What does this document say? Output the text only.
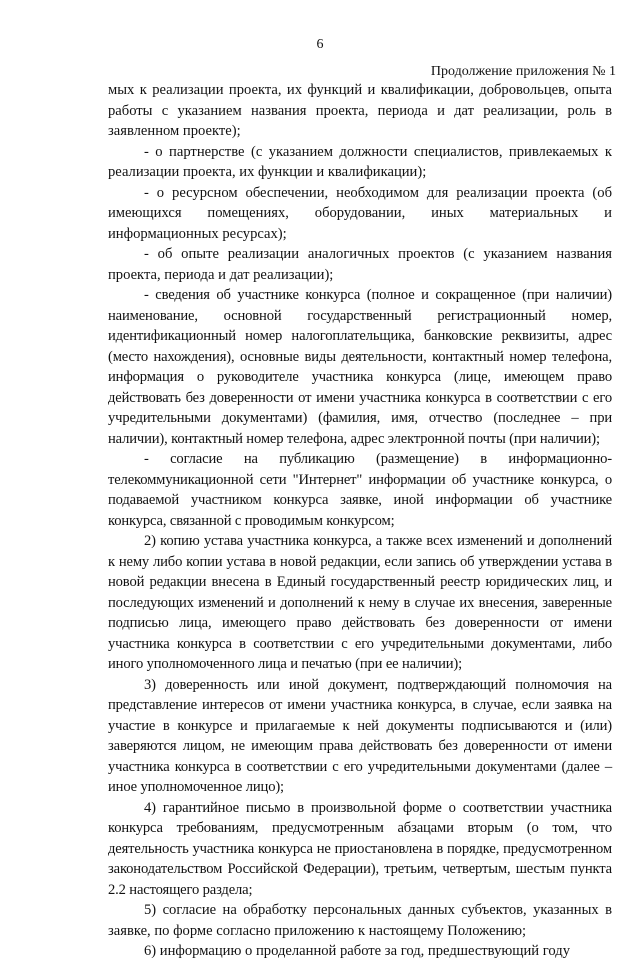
6
Продолжение приложения № 1

мых к реализации проекта, их функций и квалификации, добровольцев, опыта работы с указанием названия проекта, периода и дат реализации, роль в заявленном проекте);

- о партнерстве (с указанием должности специалистов, привлекаемых к реализации проекта, их функции и квалификации);

- о ресурсном обеспечении, необходимом для реализации проекта (об имеющихся помещениях, оборудовании, иных материальных и информационных ресурсах);

- об опыте реализации аналогичных проектов (с указанием названия проекта, периода и дат реализации);

- сведения об участнике конкурса (полное и сокращенное (при наличии) наименование, основной государственный регистрационный номер, идентификационный номер налогоплательщика, банковские реквизиты, адрес (место нахождения), основные виды деятельности, контактный номер телефона, информация о руководителе участника конкурса (лице, имеющем право действовать без доверенности от имени участника конкурса в соответствии с его учредительными документами) (фамилия, имя, отчество (последнее – при наличии), контактный номер телефона, адрес электронной почты (при наличии);

- согласие на публикацию (размещение) в информационно-телекоммуникационной сети "Интернет" информации об участнике конкурса, о подаваемой участником конкурса заявке, иной информации об участнике конкурса, связанной с проводимым конкурсом;

2) копию устава участника конкурса, а также всех изменений и дополнений к нему либо копии устава в новой редакции, если запись об утверждении устава в новой редакции внесена в Единый государственный реестр юридических лиц, и последующих изменений и дополнений к нему в случае их внесения, заверенные подписью лица, имеющего право действовать без доверенности от имени участника конкурса в соответствии с его учредительными документами, либо иного уполномоченного лица и печатью (при ее наличии);

3) доверенность или иной документ, подтверждающий полномочия на представление интересов от имени участника конкурса, в случае, если заявка на участие в конкурсе и прилагаемые к ней документы подписываются и (или) заверяются лицом, не имеющим права действовать без доверенности от имени участника конкурса в соответствии с его учредительными документами (далее – иное уполномоченное лицо);

4) гарантийное письмо в произвольной форме о соответствии участника конкурса требованиям, предусмотренным абзацами вторым (о том, что деятельность участника конкурса не приостановлена в порядке, предусмотренном законодательством Российской Федерации), третьим, четвертым, шестым пункта 2.2 настоящего раздела;

5) согласие на обработку персональных данных субъектов, указанных в заявке, по форме согласно приложению к настоящему Положению;

6) информацию о проделанной работе за год, предшествующий году
